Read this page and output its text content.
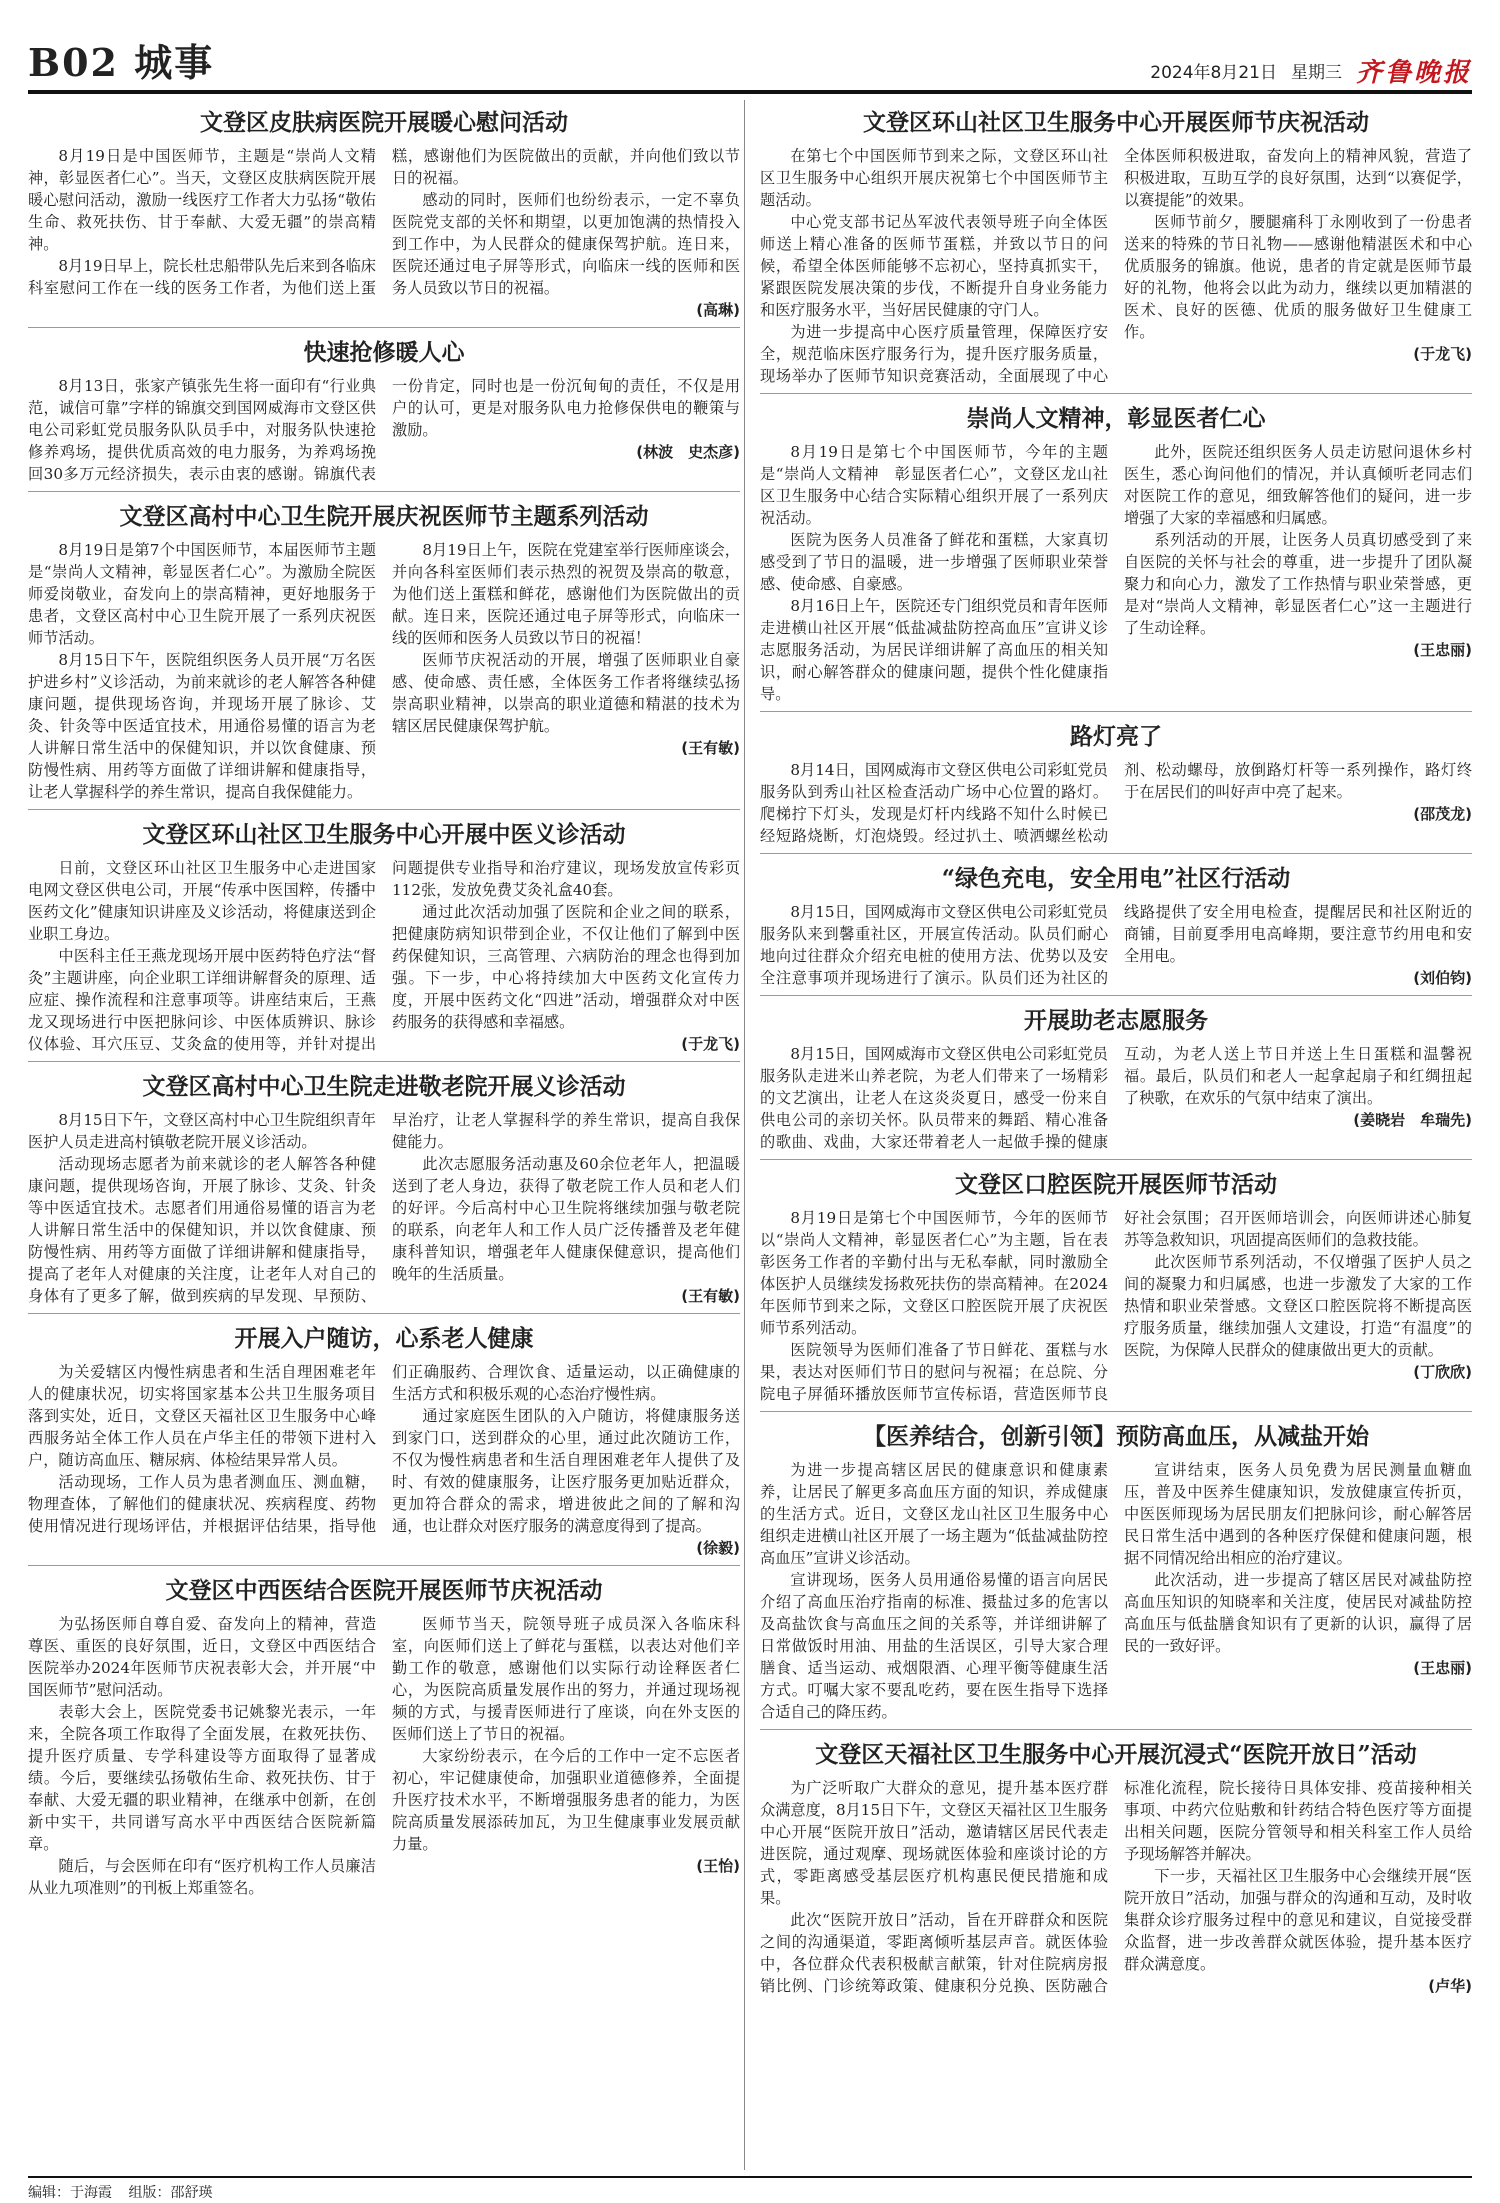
B02 城事	2024年8月21日 星期三 齐鲁晚报
文登区皮肤病医院开展暖心慰问活动

8月19日是中国医师节，主题是“崇尚人文精神，彰显医者仁心”。当天，文登区皮肤病医院开展暖心慰问活动，激励一线医疗工作者大力弘扬“敬佑生命、救死扶伤、甘于奉献、大爱无疆”的崇高精神。

8月19日早上，院长杜忠船带队先后来到各临床科室慰问工作在一线的医务工作者，为他们送上蛋糕，感谢他们为医院做出的贡献，并向他们致以节日的祝福。

感动的同时，医师们也纷纷表示，一定不辜负医院党支部的关怀和期望，以更加饱满的热情投入到工作中，为人民群众的健康保驾护航。连日来，医院还通过电子屏等形式，向临床一线的医师和医务人员致以节日的祝福。

(高琳)

快速抢修暖人心

8月13日，张家产镇张先生将一面印有“行业典范，诚信可靠”字样的锦旗交到国网威海市文登区供电公司彩虹党员服务队队员手中，对服务队快速抢修养鸡场，提供优质高效的电力服务，为养鸡场挽回30多万元经济损失，表示由衷的感谢。锦旗代表一份肯定，同时也是一份沉甸甸的责任，不仅是用户的认可，更是对服务队电力抢修保供电的鞭策与激励。

(林波　史杰彦)

文登区高村中心卫生院开展庆祝医师节主题系列活动

8月19日是第7个中国医师节，本届医师节主题是“崇尚人文精神，彰显医者仁心”。为激励全院医师爱岗敬业，奋发向上的崇高精神，更好地服务于患者，文登区高村中心卫生院开展了一系列庆祝医师节活动。

8月15日下午，医院组织医务人员开展“万名医护进乡村”义诊活动，为前来就诊的老人解答各种健康问题，提供现场咨询，并现场开展了脉诊、艾灸、针灸等中医适宜技术，用通俗易懂的语言为老人讲解日常生活中的保健知识，并以饮食健康、预防慢性病、用药等方面做了详细讲解和健康指导，让老人掌握科学的养生常识，提高自我保健能力。

8月19日上午，医院在党建室举行医师座谈会，并向各科室医师们表示热烈的祝贺及崇高的敬意，为他们送上蛋糕和鲜花，感谢他们为医院做出的贡献。连日来，医院还通过电子屏等形式，向临床一线的医师和医务人员致以节日的祝福！

医师节庆祝活动的开展，增强了医师职业自豪感、使命感、责任感，全体医务工作者将继续弘扬崇高职业精神，以崇高的职业道德和精湛的技术为辖区居民健康保驾护航。

(王有敏)

文登区环山社区卫生服务中心开展中医义诊活动

日前，文登区环山社区卫生服务中心走进国家电网文登区供电公司，开展“传承中医国粹，传播中医药文化”健康知识讲座及义诊活动，将健康送到企业职工身边。

中医科主任王燕龙现场开展中医药特色疗法“督灸”主题讲座，向企业职工详细讲解督灸的原理、适应症、操作流程和注意事项等。讲座结束后，王燕龙又现场进行中医把脉问诊、中医体质辨识、脉诊仪体验、耳穴压豆、艾灸盒的使用等，并针对提出问题提供专业指导和治疗建议，现场发放宣传彩页112张，发放免费艾灸礼盒40套。

通过此次活动加强了医院和企业之间的联系，把健康防病知识带到企业，不仅让他们了解到中医药保健知识，三高管理、六病防治的理念也得到加强。下一步，中心将持续加大中医药文化宣传力度，开展中医药文化“四进”活动，增强群众对中医药服务的获得感和幸福感。

(于龙飞)

文登区高村中心卫生院走进敬老院开展义诊活动

8月15日下午，文登区高村中心卫生院组织青年医护人员走进高村镇敬老院开展义诊活动。

活动现场志愿者为前来就诊的老人解答各种健康问题，提供现场咨询，开展了脉诊、艾灸、针灸等中医适宜技术。志愿者们用通俗易懂的语言为老人讲解日常生活中的保健知识，并以饮食健康、预防慢性病、用药等方面做了详细讲解和健康指导，提高了老年人对健康的关注度，让老年人对自己的身体有了更多了解，做到疾病的早发现、早预防、早治疗，让老人掌握科学的养生常识，提高自我保健能力。

此次志愿服务活动惠及60余位老年人，把温暖送到了老人身边，获得了敬老院工作人员和老人们的好评。今后高村中心卫生院将继续加强与敬老院的联系，向老年人和工作人员广泛传播普及老年健康科普知识，增强老年人健康保健意识，提高他们晚年的生活质量。

(王有敏)

开展入户随访，心系老人健康

为关爱辖区内慢性病患者和生活自理困难老年人的健康状况，切实将国家基本公共卫生服务项目落到实处，近日，文登区天福社区卫生服务中心峰西服务站全体工作人员在卢华主任的带领下进村入户，随访高血压、糖尿病、体检结果异常人员。

活动现场，工作人员为患者测血压、测血糖，物理查体，了解他们的健康状况、疾病程度、药物使用情况进行现场评估，并根据评估结果，指导他们正确服药、合理饮食、适量运动，以正确健康的生活方式和积极乐观的心态治疗慢性病。

通过家庭医生团队的入户随访，将健康服务送到家门口，送到群众的心里，通过此次随访工作，不仅为慢性病患者和生活自理困难老年人提供了及时、有效的健康服务，让医疗服务更加贴近群众，更加符合群众的需求，增进彼此之间的了解和沟通，也让群众对医疗服务的满意度得到了提高。

(徐毅)

文登区中西医结合医院开展医师节庆祝活动

为弘扬医师自尊自爱、奋发向上的精神，营造尊医、重医的良好氛围，近日，文登区中西医结合医院举办2024年医师节庆祝表彰大会，并开展“中国医师节”慰问活动。

表彰大会上，医院党委书记姚黎光表示，一年来，全院各项工作取得了全面发展，在救死扶伤、提升医疗质量、专学科建设等方面取得了显著成绩。今后，要继续弘扬敬佑生命、救死扶伤、甘于奉献、大爱无疆的职业精神，在继承中创新，在创新中实干，共同谱写高水平中西医结合医院新篇章。

随后，与会医师在印有“医疗机构工作人员廉洁从业九项准则”的刊板上郑重签名。

医师节当天，院领导班子成员深入各临床科室，向医师们送上了鲜花与蛋糕，以表达对他们辛勤工作的敬意，感谢他们以实际行动诠释医者仁心，为医院高质量发展作出的努力，并通过现场视频的方式，与援青医师进行了座谈，向在外支医的医师们送上了节日的祝福。

大家纷纷表示，在今后的工作中一定不忘医者初心，牢记健康使命，加强职业道德修养，全面提升医疗技术水平，不断增强服务患者的能力，为医院高质量发展添砖加瓦，为卫生健康事业发展贡献力量。

(王怡)

文登区环山社区卫生服务中心开展医师节庆祝活动

在第七个中国医师节到来之际，文登区环山社区卫生服务中心组织开展庆祝第七个中国医师节主题活动。

中心党支部书记丛军波代表领导班子向全体医师送上精心准备的医师节蛋糕，并致以节日的问候，希望全体医师能够不忘初心，坚持真抓实干，紧跟医院发展决策的步伐，不断提升自身业务能力和医疗服务水平，当好居民健康的守门人。

为进一步提高中心医疗质量管理，保障医疗安全，规范临床医疗服务行为，提升医疗服务质量，现场举办了医师节知识竞赛活动，全面展现了中心全体医师积极进取，奋发向上的精神风貌，营造了积极进取，互助互学的良好氛围，达到“以赛促学，以赛提能”的效果。

医师节前夕，腰腿痛科丁永刚收到了一份患者送来的特殊的节日礼物——感谢他精湛医术和中心优质服务的锦旗。他说，患者的肯定就是医师节最好的礼物，他将会以此为动力，继续以更加精湛的医术、良好的医德、优质的服务做好卫生健康工作。

(于龙飞)

崇尚人文精神，彰显医者仁心

8月19日是第七个中国医师节，今年的主题是“崇尚人文精神　彰显医者仁心”，文登区龙山社区卫生服务中心结合实际精心组织开展了一系列庆祝活动。

医院为医务人员准备了鲜花和蛋糕，大家真切感受到了节日的温暖，进一步增强了医师职业荣誉感、使命感、自豪感。

8月16日上午，医院还专门组织党员和青年医师走进横山社区开展“低盐减盐防控高血压”宣讲义诊志愿服务活动，为居民详细讲解了高血压的相关知识，耐心解答群众的健康问题，提供个性化健康指导。

此外，医院还组织医务人员走访慰问退休乡村医生，悉心询问他们的情况，并认真倾听老同志们对医院工作的意见，细致解答他们的疑问，进一步增强了大家的幸福感和归属感。

系列活动的开展，让医务人员真切感受到了来自医院的关怀与社会的尊重，进一步提升了团队凝聚力和向心力，激发了工作热情与职业荣誉感，更是对“崇尚人文精神，彰显医者仁心”这一主题进行了生动诠释。

(王忠丽)

路灯亮了

8月14日，国网威海市文登区供电公司彩虹党员服务队到秀山社区检查活动广场中心位置的路灯。爬梯拧下灯头，发现是灯杆内线路不知什么时候已经短路烧断，灯泡烧毁。经过扒土、喷洒螺丝松动剂、松动螺母，放倒路灯杆等一系列操作，路灯终于在居民们的叫好声中亮了起来。

(邵茂龙)

“绿色充电，安全用电”社区行活动

8月15日，国网威海市文登区供电公司彩虹党员服务队来到馨重社区，开展宣传活动。队员们耐心地向过往群众介绍充电桩的使用方法、优势以及安全注意事项并现场进行了演示。队员们还为社区的线路提供了安全用电检查，提醒居民和社区附近的商铺，目前夏季用电高峰期，要注意节约用电和安全用电。

(刘伯钧)

开展助老志愿服务

8月15日，国网威海市文登区供电公司彩虹党员服务队走进米山养老院，为老人们带来了一场精彩的文艺演出，让老人在这炎炎夏日，感受一份来自供电公司的亲切关怀。队员带来的舞蹈、精心准备的歌曲、戏曲，大家还带着老人一起做手操的健康互动，为老人送上节日并送上生日蛋糕和温馨祝福。最后，队员们和老人一起拿起扇子和红绸扭起了秧歌，在欢乐的气氛中结束了演出。

(姜晓岩　牟瑞先)

文登区口腔医院开展医师节活动

8月19日是第七个中国医师节，今年的医师节以“崇尚人文精神，彰显医者仁心”为主题，旨在表彰医务工作者的辛勤付出与无私奉献，同时激励全体医护人员继续发扬救死扶伤的崇高精神。在2024年医师节到来之际，文登区口腔医院开展了庆祝医师节系列活动。

医院领导为医师们准备了节日鲜花、蛋糕与水果，表达对医师们节日的慰问与祝福；在总院、分院电子屏循环播放医师节宣传标语，营造医师节良好社会氛围；召开医师培训会，向医师讲述心肺复苏等急救知识，巩固提高医师们的急救技能。

此次医师节系列活动，不仅增强了医护人员之间的凝聚力和归属感，也进一步激发了大家的工作热情和职业荣誉感。文登区口腔医院将不断提高医疗服务质量，继续加强人文建设，打造“有温度”的医院，为保障人民群众的健康做出更大的贡献。

(丁欣欣)

【医养结合，创新引领】预防高血压，从减盐开始

为进一步提高辖区居民的健康意识和健康素养，让居民了解更多高血压方面的知识，养成健康的生活方式。近日，文登区龙山社区卫生服务中心组织走进横山社区开展了一场主题为“低盐减盐防控高血压”宣讲义诊活动。

宣讲现场，医务人员用通俗易懂的语言向居民介绍了高血压治疗指南的标准、摄盐过多的危害以及高盐饮食与高血压之间的关系等，并详细讲解了日常做饭时用油、用盐的生活误区，引导大家合理膳食、适当运动、戒烟限酒、心理平衡等健康生活方式。叮嘱大家不要乱吃药，要在医生指导下选择合适自己的降压药。

宣讲结束，医务人员免费为居民测量血糖血压，普及中医养生健康知识，发放健康宣传折页，中医医师现场为居民朋友们把脉问诊，耐心解答居民日常生活中遇到的各种医疗保健和健康问题，根据不同情况给出相应的治疗建议。

此次活动，进一步提高了辖区居民对减盐防控高血压知识的知晓率和关注度，使居民对减盐防控高血压与低盐膳食知识有了更新的认识，赢得了居民的一致好评。

(王忠丽)

文登区天福社区卫生服务中心开展沉浸式“医院开放日”活动

为广泛听取广大群众的意见，提升基本医疗群众满意度，8月15日下午，文登区天福社区卫生服务中心开展“医院开放日”活动，邀请辖区居民代表走进医院，通过观摩、现场就医体验和座谈讨论的方式，零距离感受基层医疗机构惠民便民措施和成果。

此次“医院开放日”活动，旨在开辟群众和医院之间的沟通渠道，零距离倾听基层声音。就医体验中，各位群众代表积极献言献策，针对住院病房报销比例、门诊统筹政策、健康积分兑换、医防融合标准化流程，院长接待日具体安排、疫苗接种相关事项、中药穴位贴敷和针药结合特色医疗等方面提出相关问题，医院分管领导和相关科室工作人员给予现场解答并解决。

下一步，天福社区卫生服务中心会继续开展“医院开放日”活动，加强与群众的沟通和互动，及时收集群众诊疗服务过程中的意见和建议，自觉接受群众监督，进一步改善群众就医体验，提升基本医疗群众满意度。

(卢华)

编辑：于海霞 组版：邵舒瑛
